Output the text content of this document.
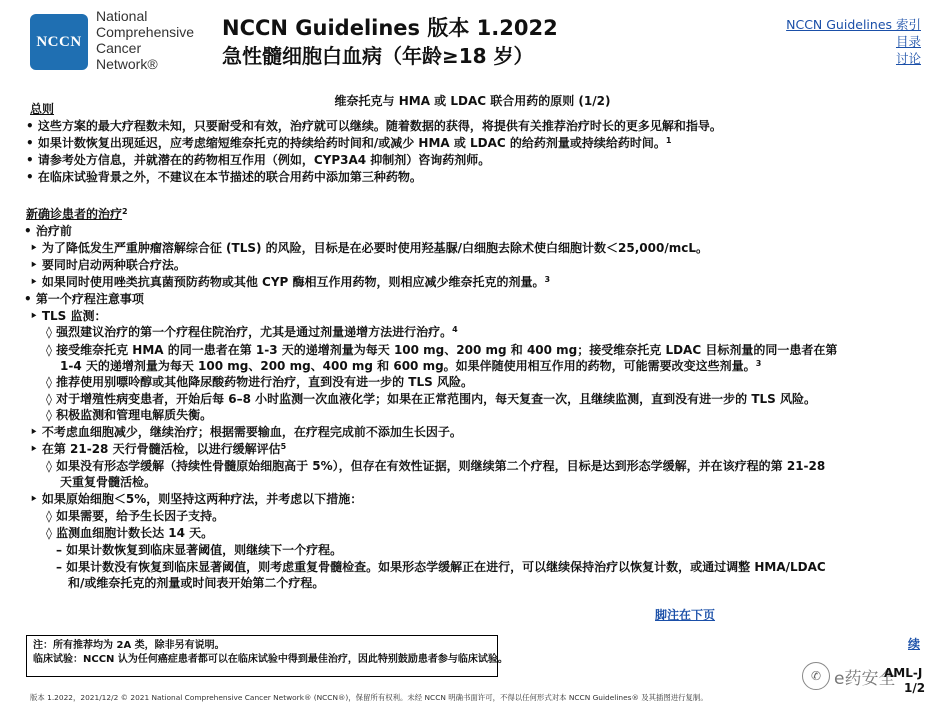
NCCN
National
Comprehensive
Cancer
Network®
NCCN Guidelines 版本 1.2022
急性髓细胞白血病（年龄≥18 岁）
NCCN Guidelines 索引
目录
讨论
维奈托克与 HMA 或 LDAC 联合用药的原则 (1/2)
总则
• 这些方案的最大疗程数未知，只要耐受和有效，治疗就可以继续。随着数据的获得，将提供有关推荐治疗时长的更多见解和指导。
• 如果计数恢复出现延迟，应考虑缩短维奈托克的持续给药时间和/或减少 HMA 或 LDAC 的给药剂量或持续给药时间。$^1$
• 请参考处方信息，并就潜在的药物相互作用（例如，CYP3A4 抑制剂）咨询药剂师。
• 在临床试验背景之外，不建议在本节描述的联合用药中添加第三种药物。
新确诊患者的治疗$^2$
• 治疗前
‣ 为了降低发生严重肿瘤溶解综合征 (TLS) 的风险，目标是在必要时使用羟基脲/白细胞去除术使白细胞计数＜25,000/mcL。
‣ 要同时启动两种联合疗法。
‣ 如果同时使用唑类抗真菌预防药物或其他 CYP 酶相互作用药物，则相应减少维奈托克的剂量。$^3$
• 第一个疗程注意事项
‣ TLS 监测：
◊ 强烈建议治疗的第一个疗程住院治疗，尤其是通过剂量递增方法进行治疗。$^4$
◊ 接受维奈托克 HMA 的同一患者在第 1-3 天的递增剂量为每天 100 mg、200 mg 和 400 mg；接受维奈托克 LDAC 目标剂量的同一患者在第
1-4 天的递增剂量为每天 100 mg、200 mg、400 mg 和 600 mg。如果伴随使用相互作用的药物，可能需要改变这些剂量。$^3$
◊ 推荐使用别嘌呤醇或其他降尿酸药物进行治疗，直到没有进一步的 TLS 风险。
◊ 对于增殖性病变患者，开始后每 6–8 小时监测一次血液化学；如果在正常范围内，每天复查一次，且继续监测，直到没有进一步的 TLS 风险。
◊ 积极监测和管理电解质失衡。
‣ 不考虑血细胞减少，继续治疗；根据需要输血，在疗程完成前不添加生长因子。
‣ 在第 21-28 天行骨髓活检，以进行缓解评估$^5$
◊ 如果没有形态学缓解（持续性骨髓原始细胞高于 5%），但存在有效性证据，则继续第二个疗程，目标是达到形态学缓解，并在该疗程的第 21-28
天重复骨髓活检。
‣ 如果原始细胞＜5%，则坚持这两种疗法，并考虑以下措施：
◊ 如果需要，给予生长因子支持。
◊ 监测血细胞计数长达 14 天。
– 如果计数恢复到临床显著阈值，则继续下一个疗程。
– 如果计数没有恢复到临床显著阈值，则考虑重复骨髓检查。如果形态学缓解正在进行，可以继续保持治疗以恢复计数，或通过调整 HMA/LDAC
和/或维奈托克的剂量或时间表开始第二个疗程。
脚注在下页
续
注：所有推荐均为 2A 类，除非另有说明。
临床试验：NCCN 认为任何癌症患者都可以在临床试验中得到最佳治疗，因此特别鼓励患者参与临床试验。
版本 1.2022，2021/12/2 © 2021 National Comprehensive Cancer Network® (NCCN®)，保留所有权利。未经 NCCN 明确书面许可，不得以任何形式对本 NCCN Guidelines® 及其插图进行复制。
✆ e药安全
AML-J
1/2
